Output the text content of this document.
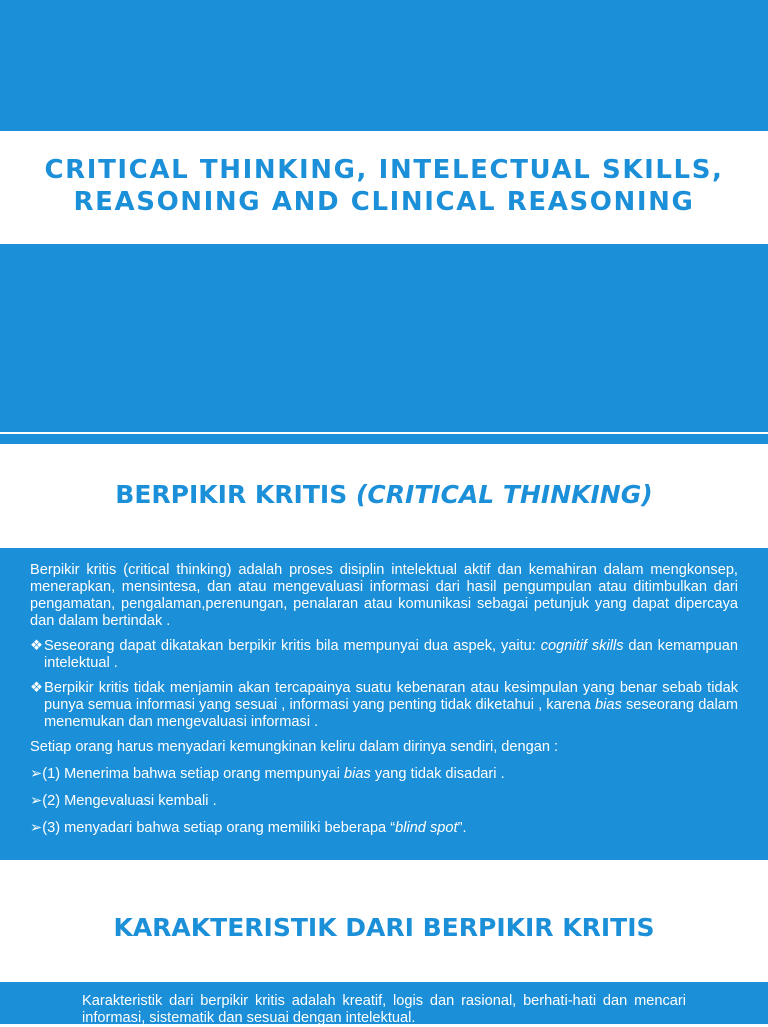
CRITICAL THINKING, INTELECTUAL SKILLS,
REASONING AND CLINICAL REASONING
BERPIKIR KRITIS (CRITICAL THINKING)

Berpikir kritis (critical thinking) adalah proses disiplin intelektual aktif dan kemahiran dalam mengkonsep, menerapkan, mensintesa, dan atau mengevaluasi informasi dari hasil pengumpulan atau ditimbulkan dari pengamatan, pengalaman,perenungan, penalaran atau komunikasi sebagai petunjuk yang dapat dipercaya dan dalam bertindak .

❖Seseorang dapat dikatakan berpikir kritis bila mempunyai dua aspek, yaitu: cognitif skills dan kemampuan intelektual .

❖Berpikir kritis tidak menjamin akan tercapainya suatu kebenaran atau kesimpulan yang benar sebab tidak punya semua informasi yang sesuai , informasi yang penting tidak diketahui , karena bias seseorang dalam menemukan dan mengevaluasi informasi .

Setiap orang harus menyadari kemungkinan keliru dalam dirinya sendiri, dengan :

➢(1) Menerima bahwa setiap orang mempunyai bias yang tidak disadari .

➢(2) Mengevaluasi kembali .

➢(3) menyadari bahwa setiap orang memiliki beberapa “blind spot”.

KARAKTERISTIK DARI BERPIKIR KRITIS
Karakteristik dari berpikir kritis adalah kreatif, logis dan rasional, berhati-hati dan mencari informasi, sistematik dan sesuai dengan intelektual.
